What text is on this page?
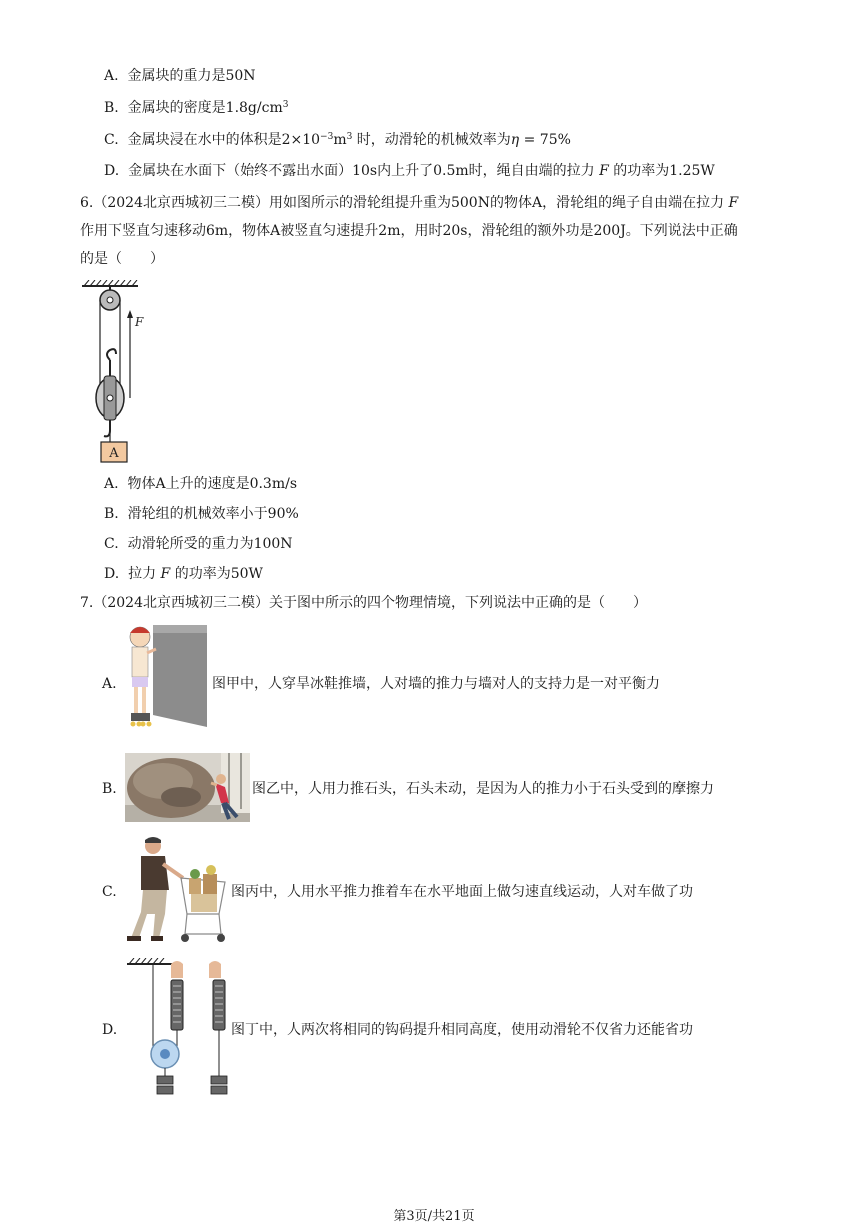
A. 金属块的重力是50N
B. 金属块的密度是$1.8g/cm^3$
C. 金属块浸在水中的体积是$2\times 10^{-3}m^3$ 时，动滑轮的机械效率为η = 75%
D. 金属块在水面下（始终不露出水面）10s内上升了0.5m时，绳自由端的拉力 F 的功率为1.25W
6.（2024北京西城初三二模）用如图所示的滑轮组提升重为500N的物体A，滑轮组的绳子自由端在拉力 F
作用下竖直匀速移动6m，物体A被竖直匀速提升2m，用时20s，滑轮组的额外功是200J。下列说法中正确
的是（　　）
F
A
A. 物体A上升的速度是0.3m/s
B. 滑轮组的机械效率小于90%
C. 动滑轮所受的重力为100N
D. 拉力 F 的功率为50W
7.（2024北京西城初三二模）关于图中所示的四个物理情境，下列说法中正确的是（　　）
A.	图甲中，人穿旱冰鞋推墙，人对墙的推力与墙对人的支持力是一对平衡力
B.	图乙中，人用力推石头，石头未动，是因为人的推力小于石头受到的摩擦力
C.	图丙中，人用水平推力推着车在水平地面上做匀速直线运动，人对车做了功
D.	图丁中，人两次将相同的钩码提升相同高度，使用动滑轮不仅省力还能省功
第3页/共21页
